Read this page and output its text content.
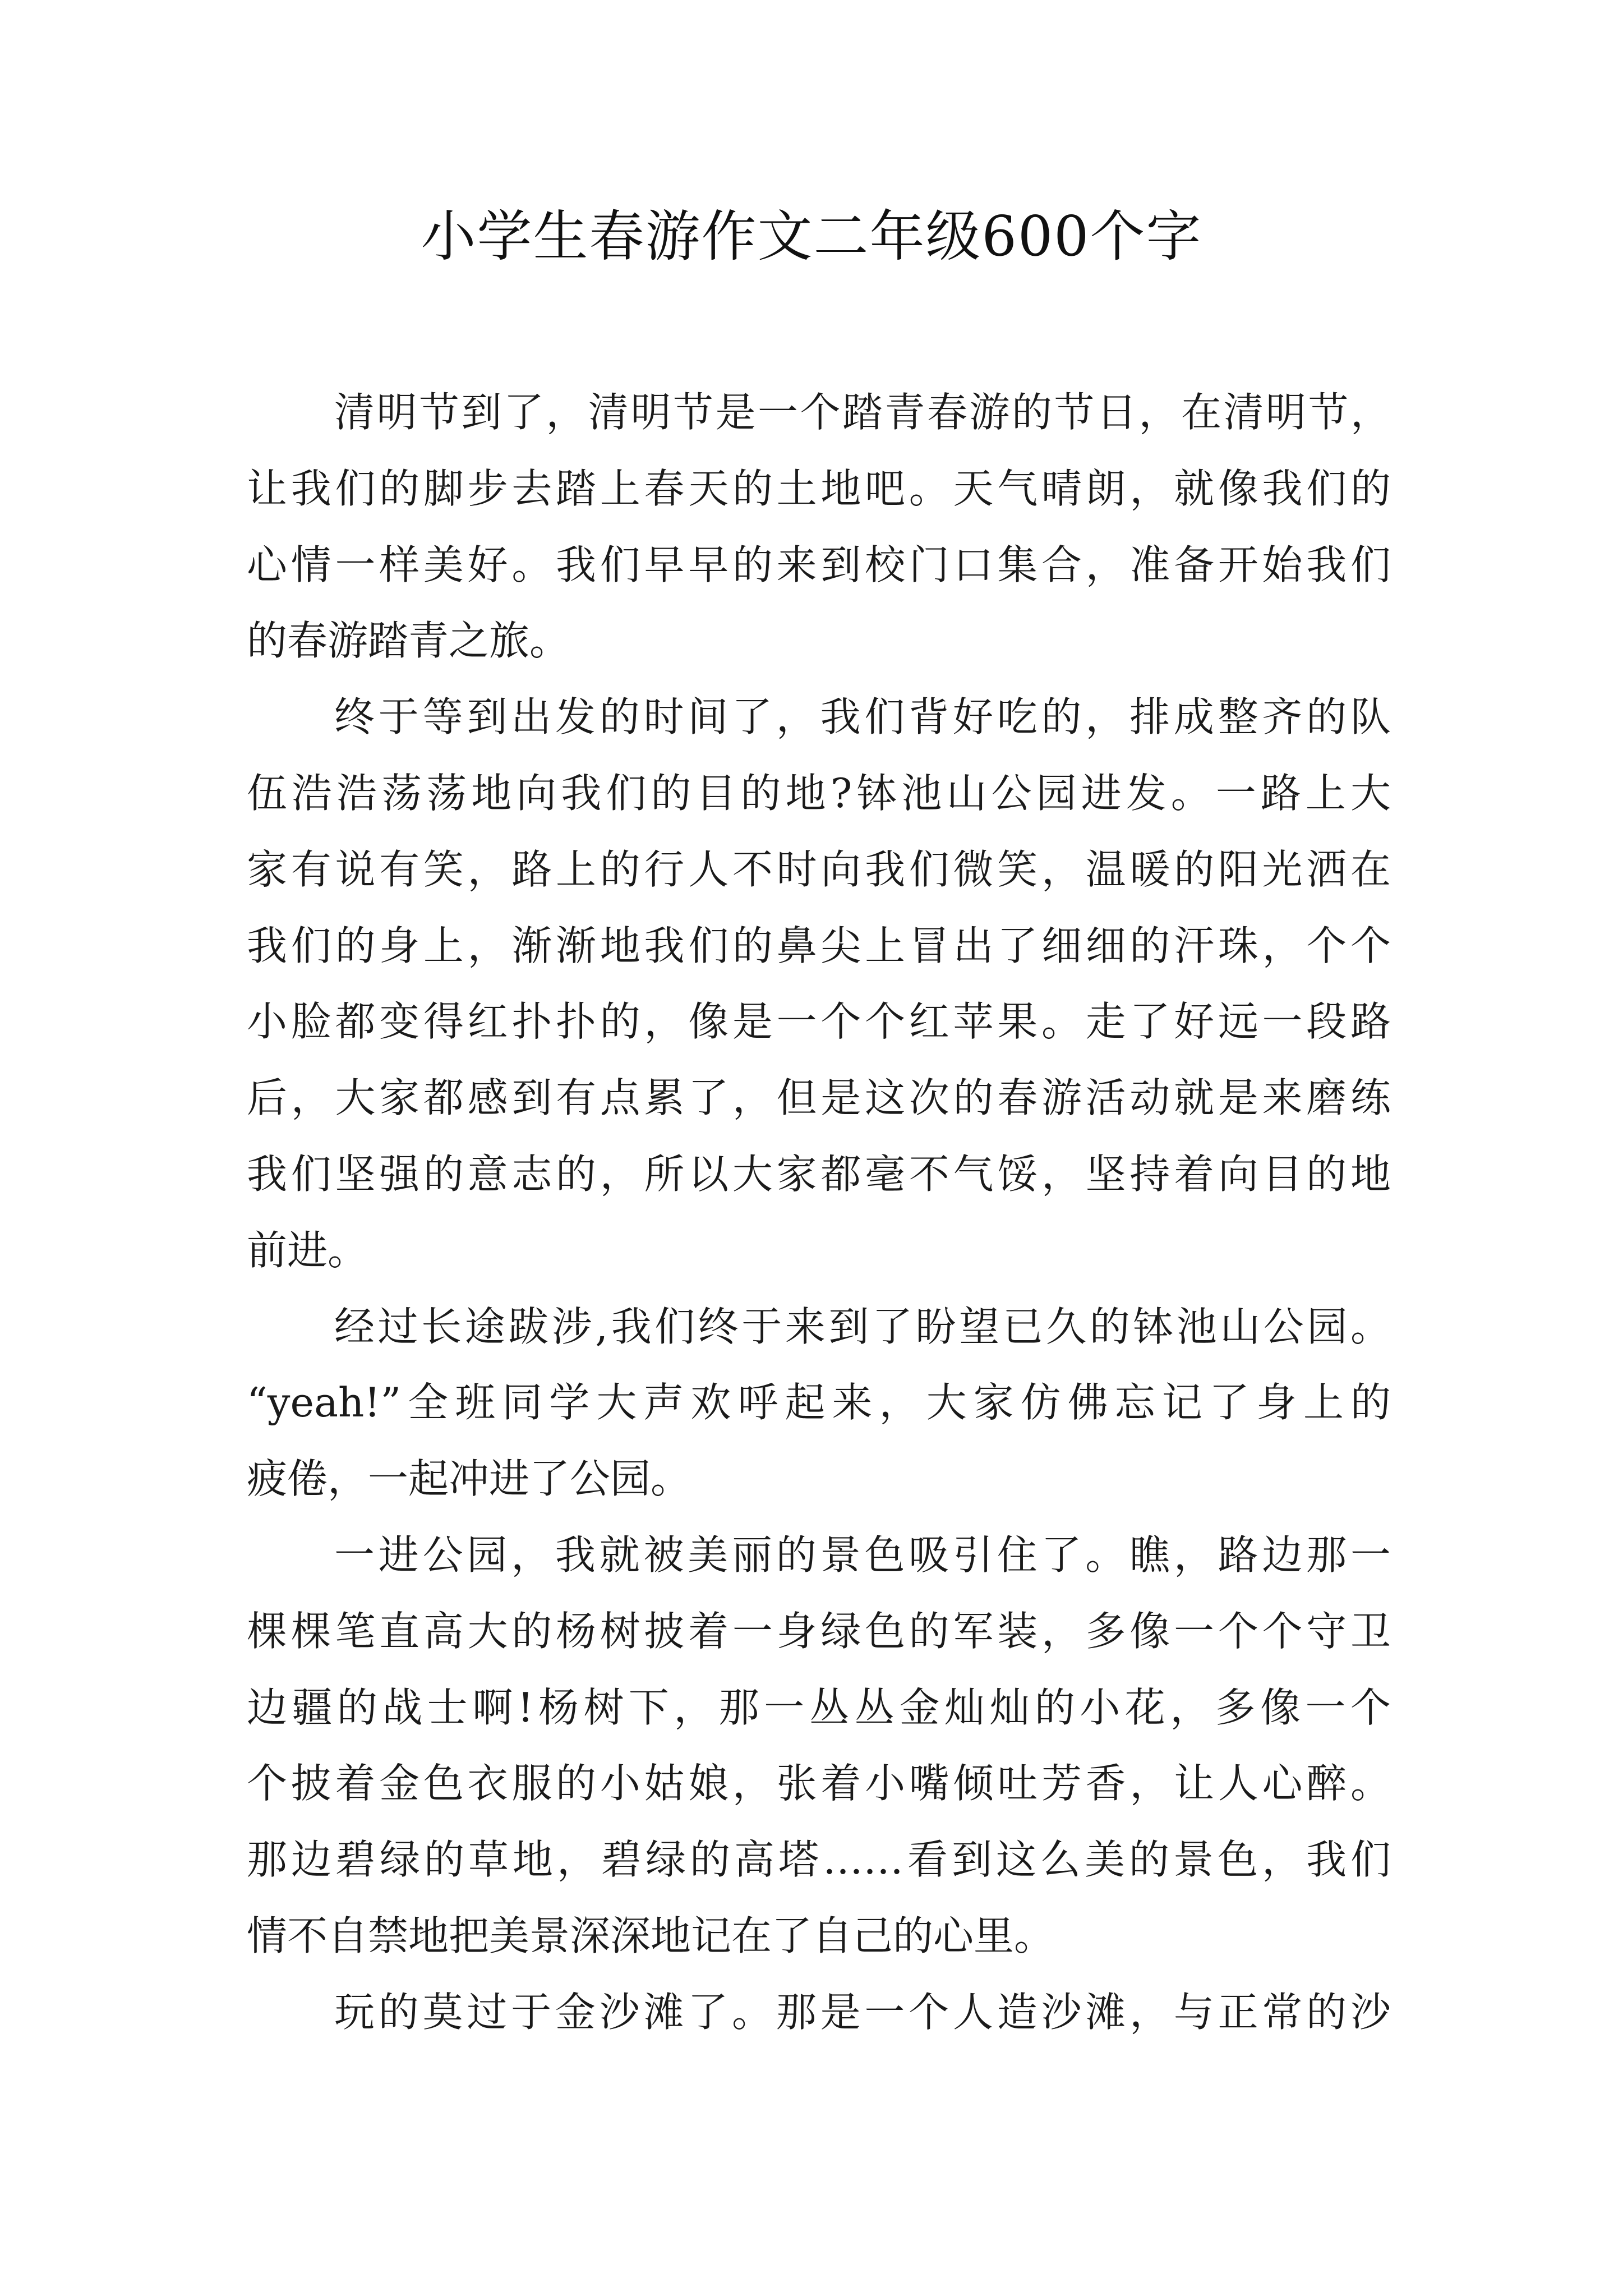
小学生春游作文二年级600个字
清明节到了，清明节是一个踏青春游的节日，在清明节，
让我们的脚步去踏上春天的土地吧。天气晴朗，就像我们的
心情一样美好。我们早早的来到校门口集合，准备开始我们
的春游踏青之旅。
终于等到出发的时间了，我们背好吃的，排成整齐的队
伍浩浩荡荡地向我们的目的地?钵池山公园进发。一路上大
家有说有笑，路上的行人不时向我们微笑，温暖的阳光洒在
我们的身上，渐渐地我们的鼻尖上冒出了细细的汗珠，个个
小脸都变得红扑扑的，像是一个个红苹果。走了好远一段路
后，大家都感到有点累了，但是这次的春游活动就是来磨练
我们坚强的意志的，所以大家都毫不气馁，坚持着向目的地
前进。
经过长途跋涉,我们终于来到了盼望已久的钵池山公园。
“yeah!”全班同学大声欢呼起来，大家仿佛忘记了身上的
疲倦，一起冲进了公园。
一进公园，我就被美丽的景色吸引住了。瞧，路边那一
棵棵笔直高大的杨树披着一身绿色的军装，多像一个个守卫
边疆的战士啊!杨树下，那一丛丛金灿灿的小花，多像一个
个披着金色衣服的小姑娘，张着小嘴倾吐芳香，让人心醉。
那边碧绿的草地，碧绿的高塔……看到这么美的景色，我们
情不自禁地把美景深深地记在了自己的心里。
玩的莫过于金沙滩了。那是一个人造沙滩，与正常的沙
